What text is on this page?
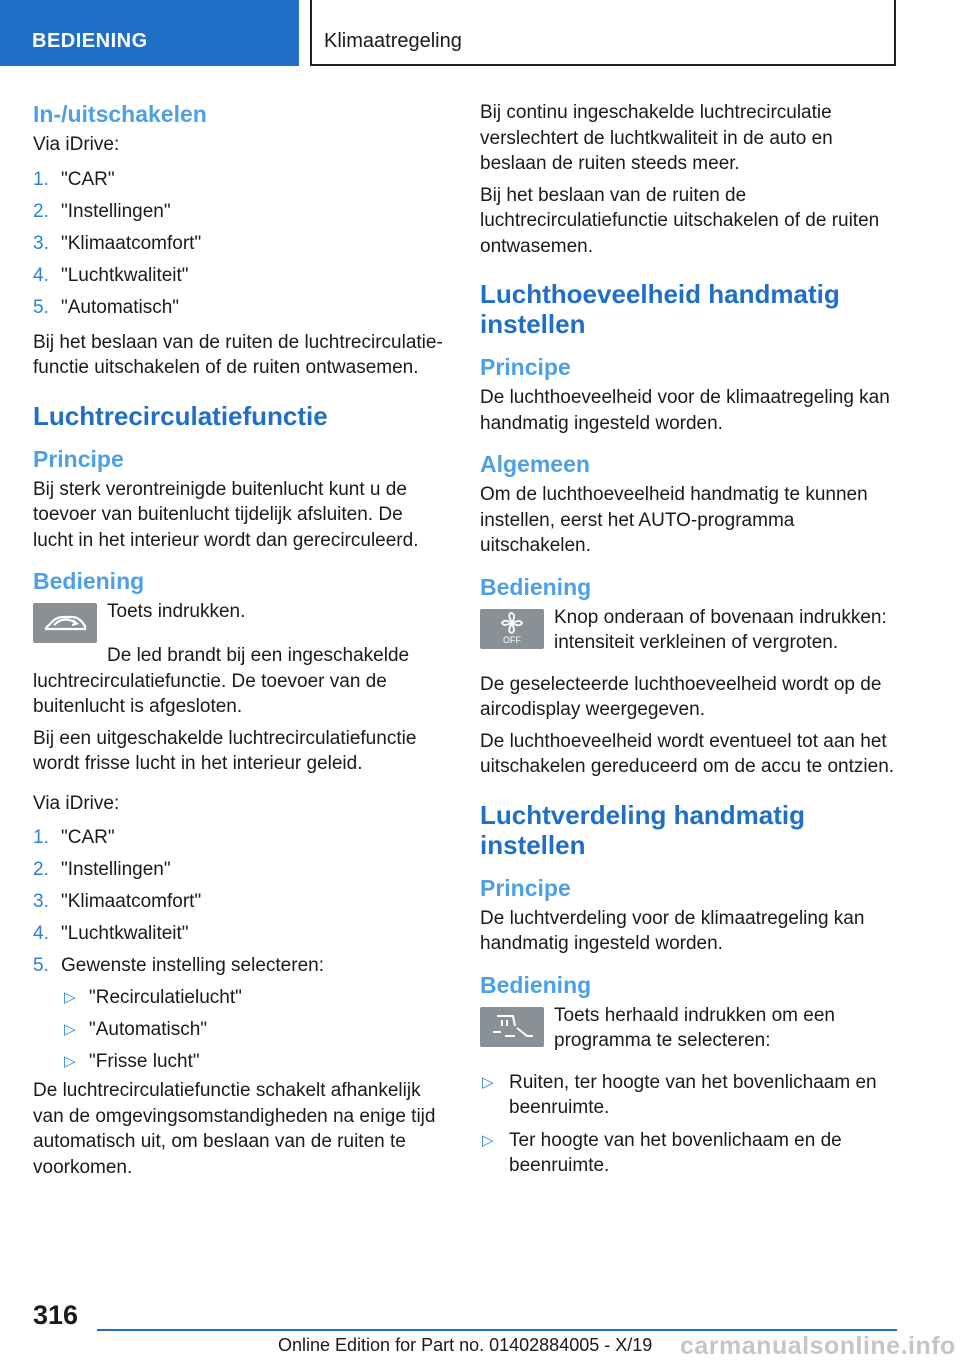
BEDIENING	Klimaatregeling
In-/uitschakelen
Via iDrive:
1. "CAR"
2. "Instellingen"
3. "Klimaatcomfort"
4. "Luchtkwaliteit"
5. "Automatisch"
Bij het beslaan van de ruiten de luchtrecirculatie-functie uitschakelen of de ruiten ontwasemen.
Luchtrecirculatiefunctie
Principe
Bij sterk verontreinigde buitenlucht kunt u de toevoer van buitenlucht tijdelijk afsluiten. De lucht in het interieur wordt dan gerecirculeerd.
Bediening
Toets indrukken.
De led brandt bij een ingeschakelde luchtrecirculatiefunctie. De toevoer van de buitenlucht is afgesloten.
Bij een uitgeschakelde luchtrecirculatiefunctie wordt frisse lucht in het interieur geleid.
Via iDrive:
1. "CAR"
2. "Instellingen"
3. "Klimaatcomfort"
4. "Luchtkwaliteit"
5. Gewenste instelling selecteren:
▷ "Recirculatielucht"
▷ "Automatisch"
▷ "Frisse lucht"
De luchtrecirculatiefunctie schakelt afhankelijk van de omgevingsomstandigheden na enige tijd automatisch uit, om beslaan van de ruiten te voorkomen.
Bij continu ingeschakelde luchtrecirculatie verslechtert de luchtkwaliteit in de auto en beslaan de ruiten steeds meer.
Bij het beslaan van de ruiten de luchtrecirculatiefunctie uitschakelen of de ruiten ontwasemen.
Luchthoeveelheid handmatig instellen
Principe
De luchthoeveelheid voor de klimaatregeling kan handmatig ingesteld worden.
Algemeen
Om de luchthoeveelheid handmatig te kunnen instellen, eerst het AUTO-programma uitschakelen.
Bediening
OFF
Knop onderaan of bovenaan indrukken: intensiteit verkleinen of vergroten.
De geselecteerde luchthoeveelheid wordt op de aircodisplay weergegeven.
De luchthoeveelheid wordt eventueel tot aan het uitschakelen gereduceerd om de accu te ontzien.
Luchtverdeling handmatig instellen
Principe
De luchtverdeling voor de klimaatregeling kan handmatig ingesteld worden.
Bediening
Toets herhaald indrukken om een programma te selecteren:
▷ Ruiten, ter hoogte van het bovenlichaam en beenruimte.
▷ Ter hoogte van het bovenlichaam en de beenruimte.
316
Online Edition for Part no. 01402884005 - X/19 carmanualsonline.info
